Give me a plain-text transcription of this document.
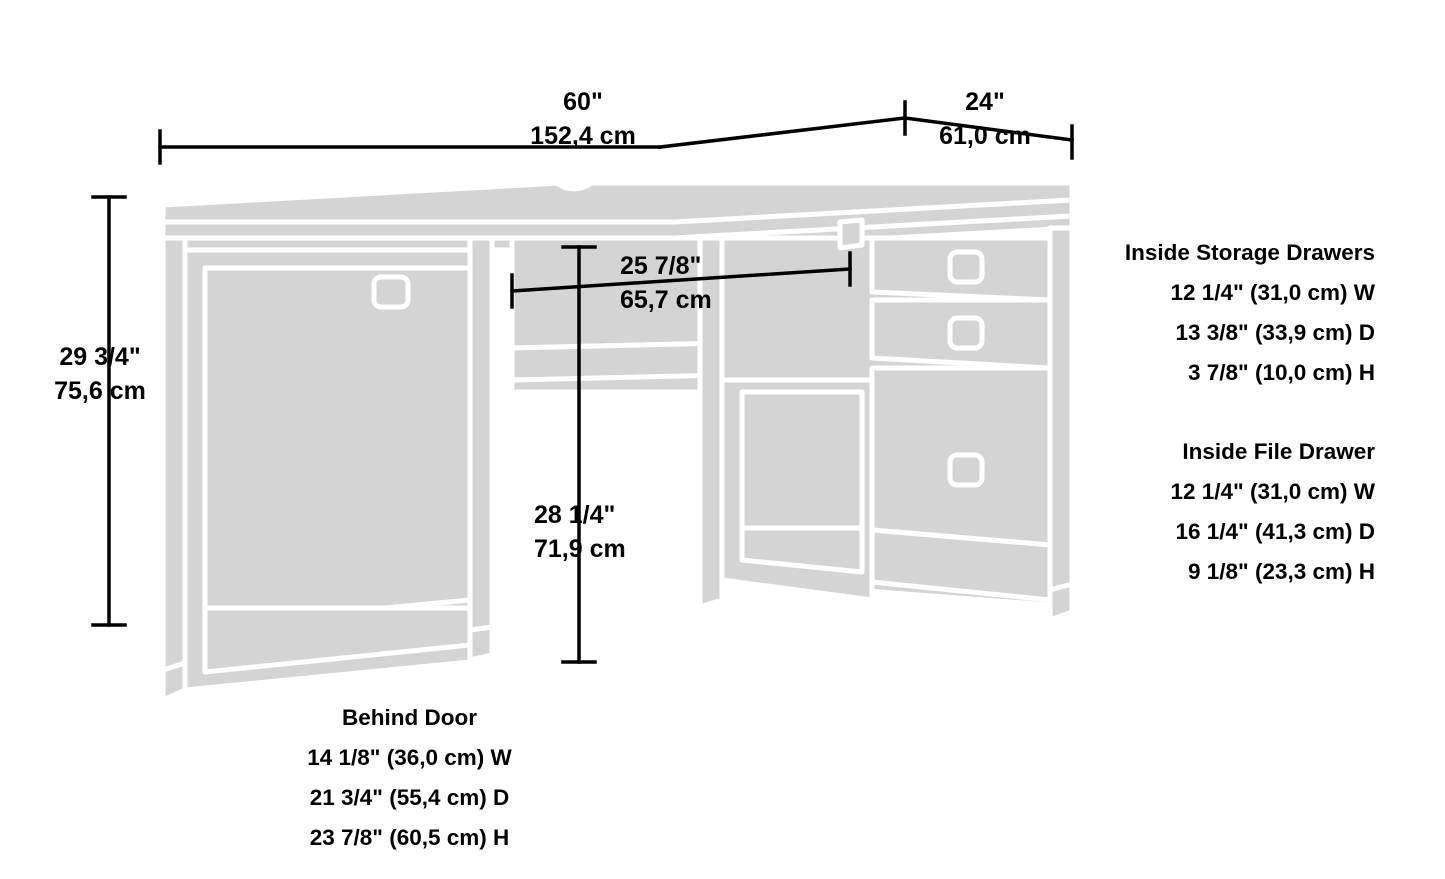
60"
152,4 cm
24"
61,0 cm
29 3/4"
75,6 cm
25 7/8"
65,7 cm
28 1/4"
71,9 cm
Inside Storage Drawers
12 1/4" (31,0 cm) W
13 3/8" (33,9 cm) D
3 7/8" (10,0 cm) H
Inside File Drawer
12 1/4" (31,0 cm) W
16 1/4" (41,3 cm) D
9 1/8" (23,3 cm) H
Behind Door
14 1/8" (36,0 cm) W
21 3/4" (55,4 cm) D
23 7/8" (60,5 cm) H
